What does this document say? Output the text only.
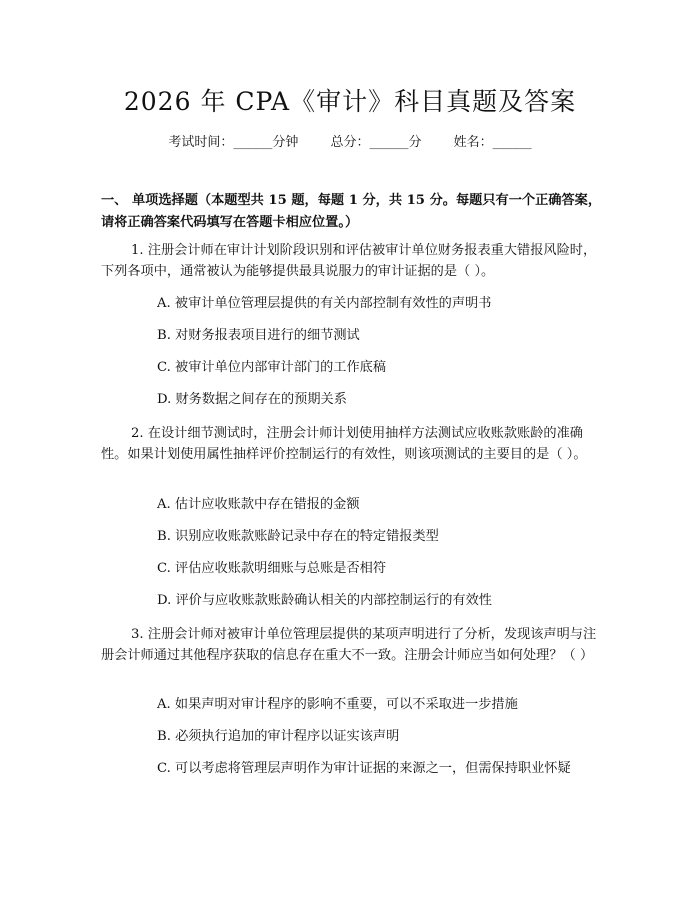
2026 年 CPA《审计》科目真题及答案
考试时间：______分钟 总分：______分 姓名：______
一、 单项选择题（本题型共 15 题，每题 1 分，共 15 分。每题只有一个正确答案，请将正确答案代码填写在答题卡相应位置。）
1. 注册会计师在审计计划阶段识别和评估被审计单位财务报表重大错报风险时，下列各项中，通常被认为能够提供最具说服力的审计证据的是（ ）。
A. 被审计单位管理层提供的有关内部控制有效性的声明书
B. 对财务报表项目进行的细节测试
C. 被审计单位内部审计部门的工作底稿
D. 财务数据之间存在的预期关系
2. 在设计细节测试时，注册会计师计划使用抽样方法测试应收账款账龄的准确性。如果计划使用属性抽样评价控制运行的有效性，则该项测试的主要目的是（ ）。
A. 估计应收账款中存在错报的金额
B. 识别应收账款账龄记录中存在的特定错报类型
C. 评估应收账款明细账与总账是否相符
D. 评价与应收账款账龄确认相关的内部控制运行的有效性
3. 注册会计师对被审计单位管理层提供的某项声明进行了分析，发现该声明与注册会计师通过其他程序获取的信息存在重大不一致。注册会计师应当如何处理？（ ）
A. 如果声明对审计程序的影响不重要，可以不采取进一步措施
B. 必须执行追加的审计程序以证实该声明
C. 可以考虑将管理层声明作为审计证据的来源之一，但需保持职业怀疑
